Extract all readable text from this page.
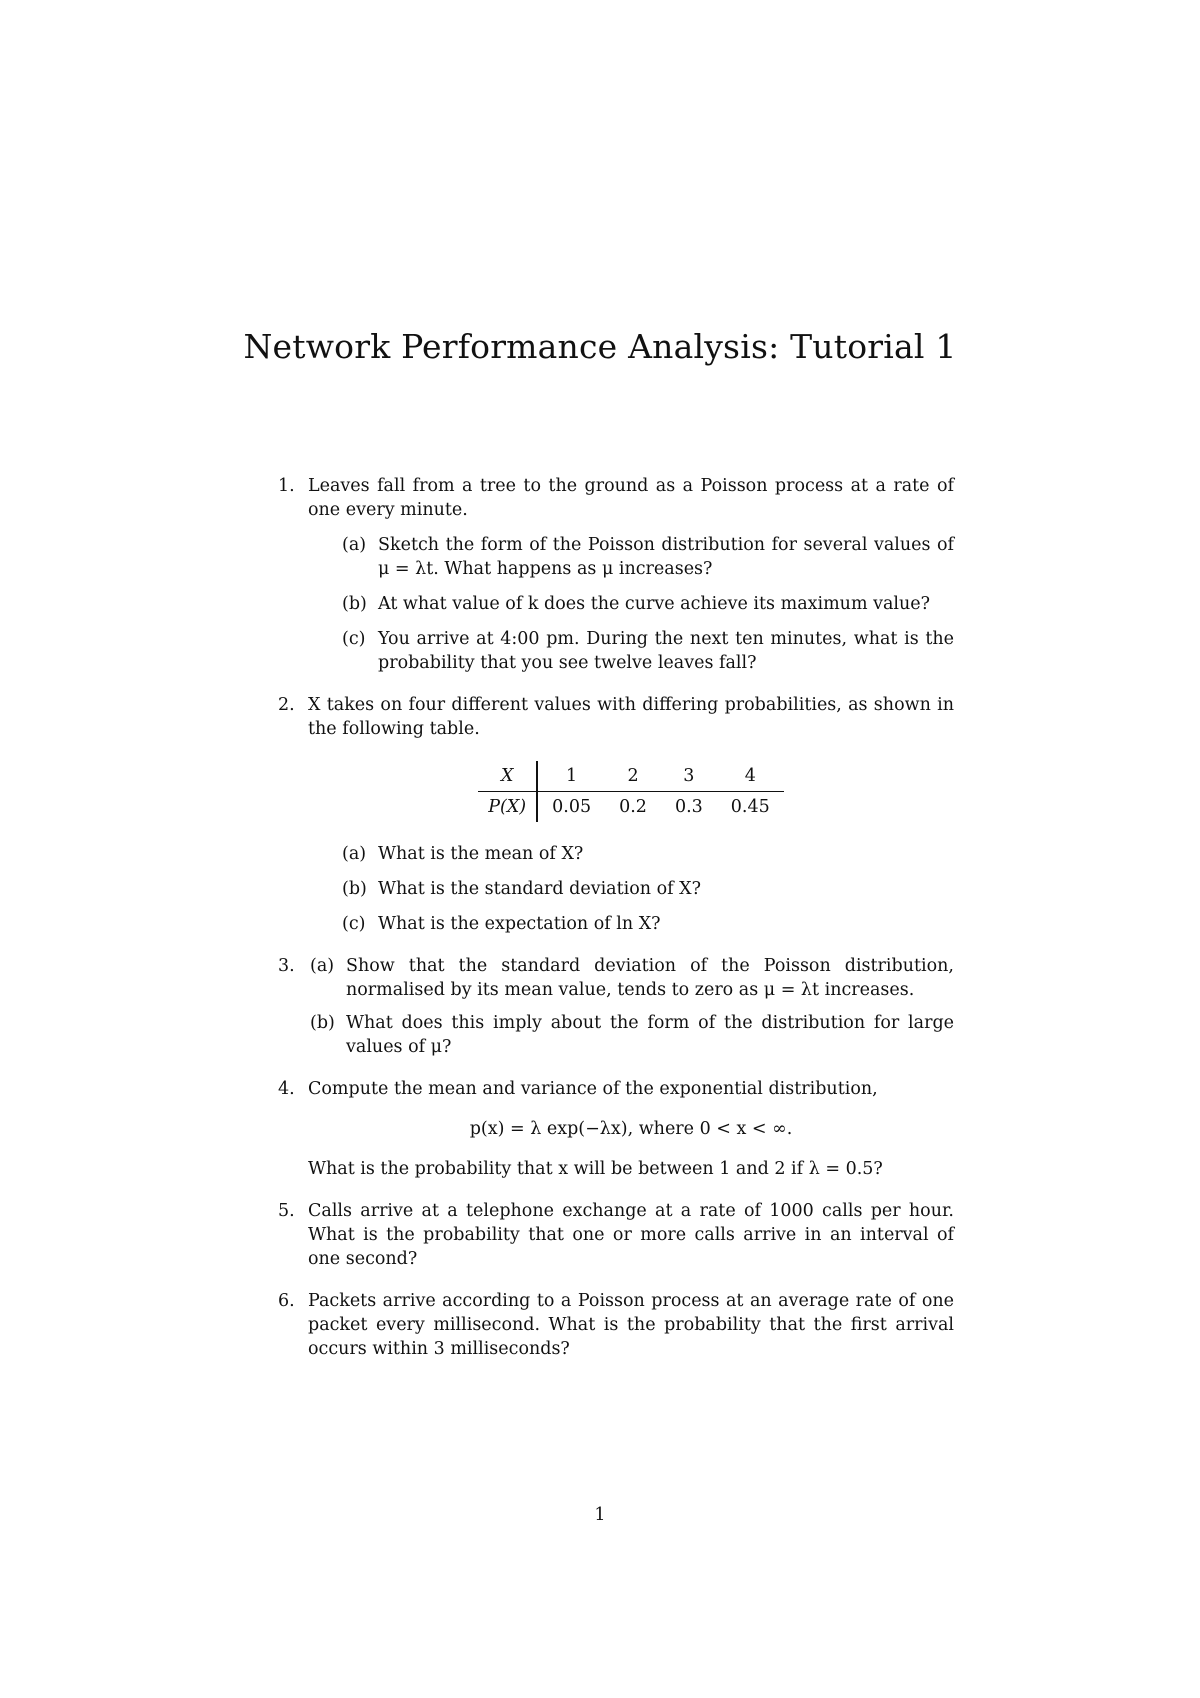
Network Performance Analysis: Tutorial 1
1. Leaves fall from a tree to the ground as a Poisson process at a rate of one every minute.
(a) Sketch the form of the Poisson distribution for several values of μ = λt. What happens as μ increases?
(b) At what value of k does the curve achieve its maximum value?
(c) You arrive at 4:00 pm. During the next ten minutes, what is the probability that you see twelve leaves fall?
2. X takes on four different values with differing probabilities, as shown in the following table.
X	1	2	3	4
P(X)	0.05	0.2	0.3	0.45
(a) What is the mean of X?
(b) What is the standard deviation of X?
(c) What is the expectation of ln X?
3. (a) Show that the standard deviation of the Poisson distribution, normalised by its mean value, tends to zero as μ = λt increases.
(b) What does this imply about the form of the distribution for large values of μ?
4. Compute the mean and variance of the exponential distribution,
p(x) = λ exp(−λx), where 0 < x < ∞.
What is the probability that x will be between 1 and 2 if λ = 0.5?
5. Calls arrive at a telephone exchange at a rate of 1000 calls per hour. What is the probability that one or more calls arrive in an interval of one second?
6. Packets arrive according to a Poisson process at an average rate of one packet every millisecond. What is the probability that the first arrival occurs within 3 milliseconds?
1
